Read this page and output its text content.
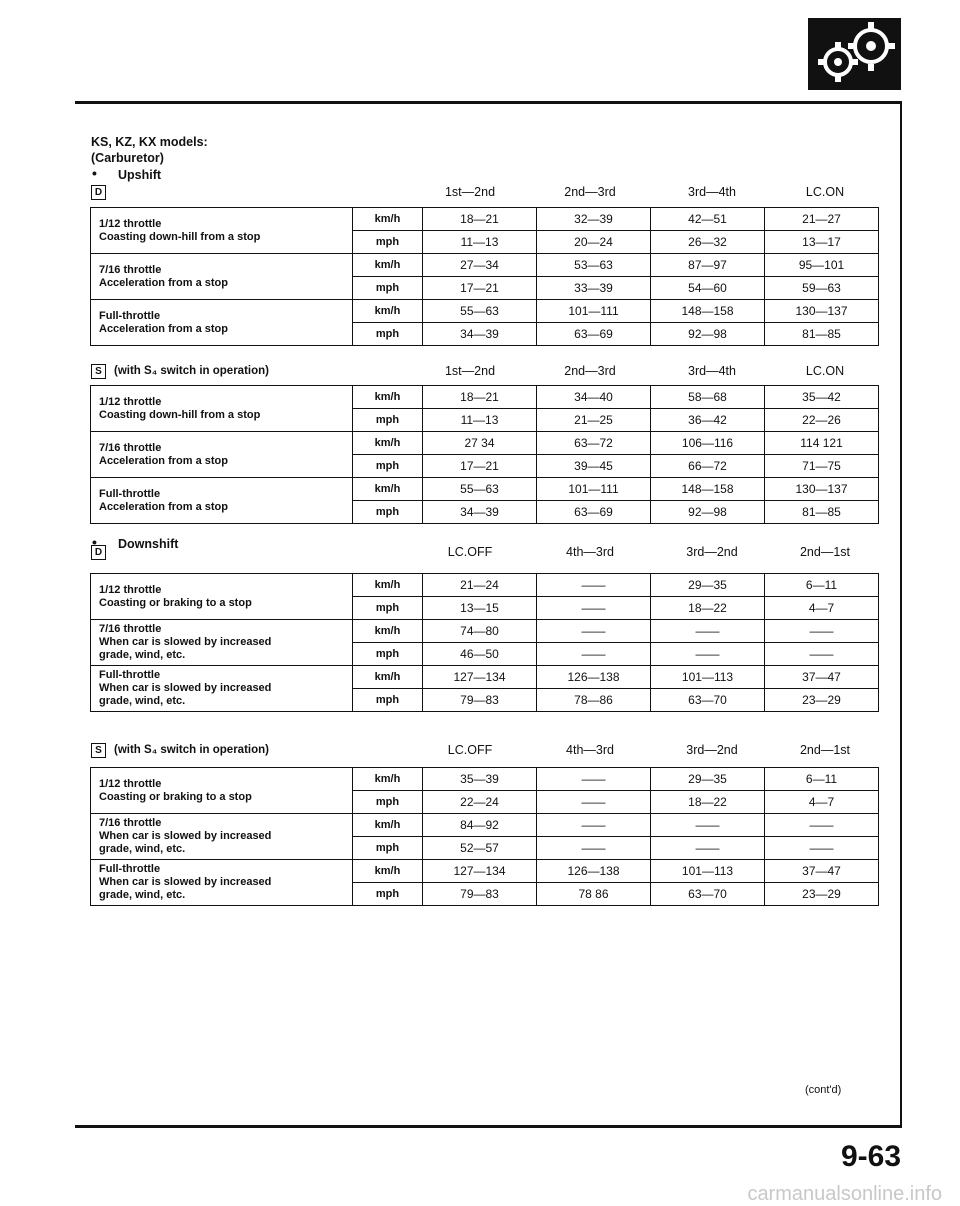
KS, KZ, KX models:
(Carburetor)
• Upshift
D	1st—2nd	2nd—3rd	3rd—4th	LC.ON
1/12 throttle
Coasting down-hill from a stop	km/h	18—21	32—39	42—51	21—27
	mph	11—13	20—24	26—32	13—17

7/16 throttle
Acceleration from a stop	km/h	27—34	53—63	87—97	95—101
	mph	17—21	33—39	54—60	59—63

Full-throttle
Acceleration from a stop	km/h	55—63	101—111	148—158	130—137
	mph	34—39	63—69	92—98	81—85
S	(with S₄ switch in operation)	1st—2nd	2nd—3rd	3rd—4th	LC.ON
1/12 throttle
Coasting down-hill from a stop	km/h	18—21	34—40	58—68	35—42
	mph	11—13	21—25	36—42	22—26

7/16 throttle
Acceleration from a stop	km/h	27 34	63—72	106—116	114 121
	mph	17—21	39—45	66—72	71—75

Full-throttle
Acceleration from a stop	km/h	55—63	101—111	148—158	130—137
	mph	34—39	63—69	92—98	81—85
D	LC.OFF	4th—3rd	3rd—2nd	2nd—1st
1/12 throttle
Coasting or braking to a stop	km/h	21—24	——	29—35	6—11
	mph	13—15	——	18—22	4—7

7/16 throttle
When car is slowed by increased
grade, wind, etc.	km/h	74—80	——	——	——
	mph	46—50	——	——	——

Full-throttle
When car is slowed by increased
grade, wind, etc.	km/h	127—134	126—138	101—113	37—47
	mph	79—83	78—86	63—70	23—29
S	(with S₄ switch in operation)	LC.OFF	4th—3rd	3rd—2nd	2nd—1st
1/12 throttle
Coasting or braking to a stop	km/h	35—39	——	29—35	6—11
	mph	22—24	——	18—22	4—7

7/16 throttle
When car is slowed by increased
grade, wind, etc.	km/h	84—92	——	——	——
	mph	52—57	——	——	——

Full-throttle
When car is slowed by increased
grade, wind, etc.	km/h	127—134	126—138	101—113	37—47
	mph	79—83	78 86	63—70	23—29
• Downshift
(cont'd)
9-63
carmanualsonline.info
